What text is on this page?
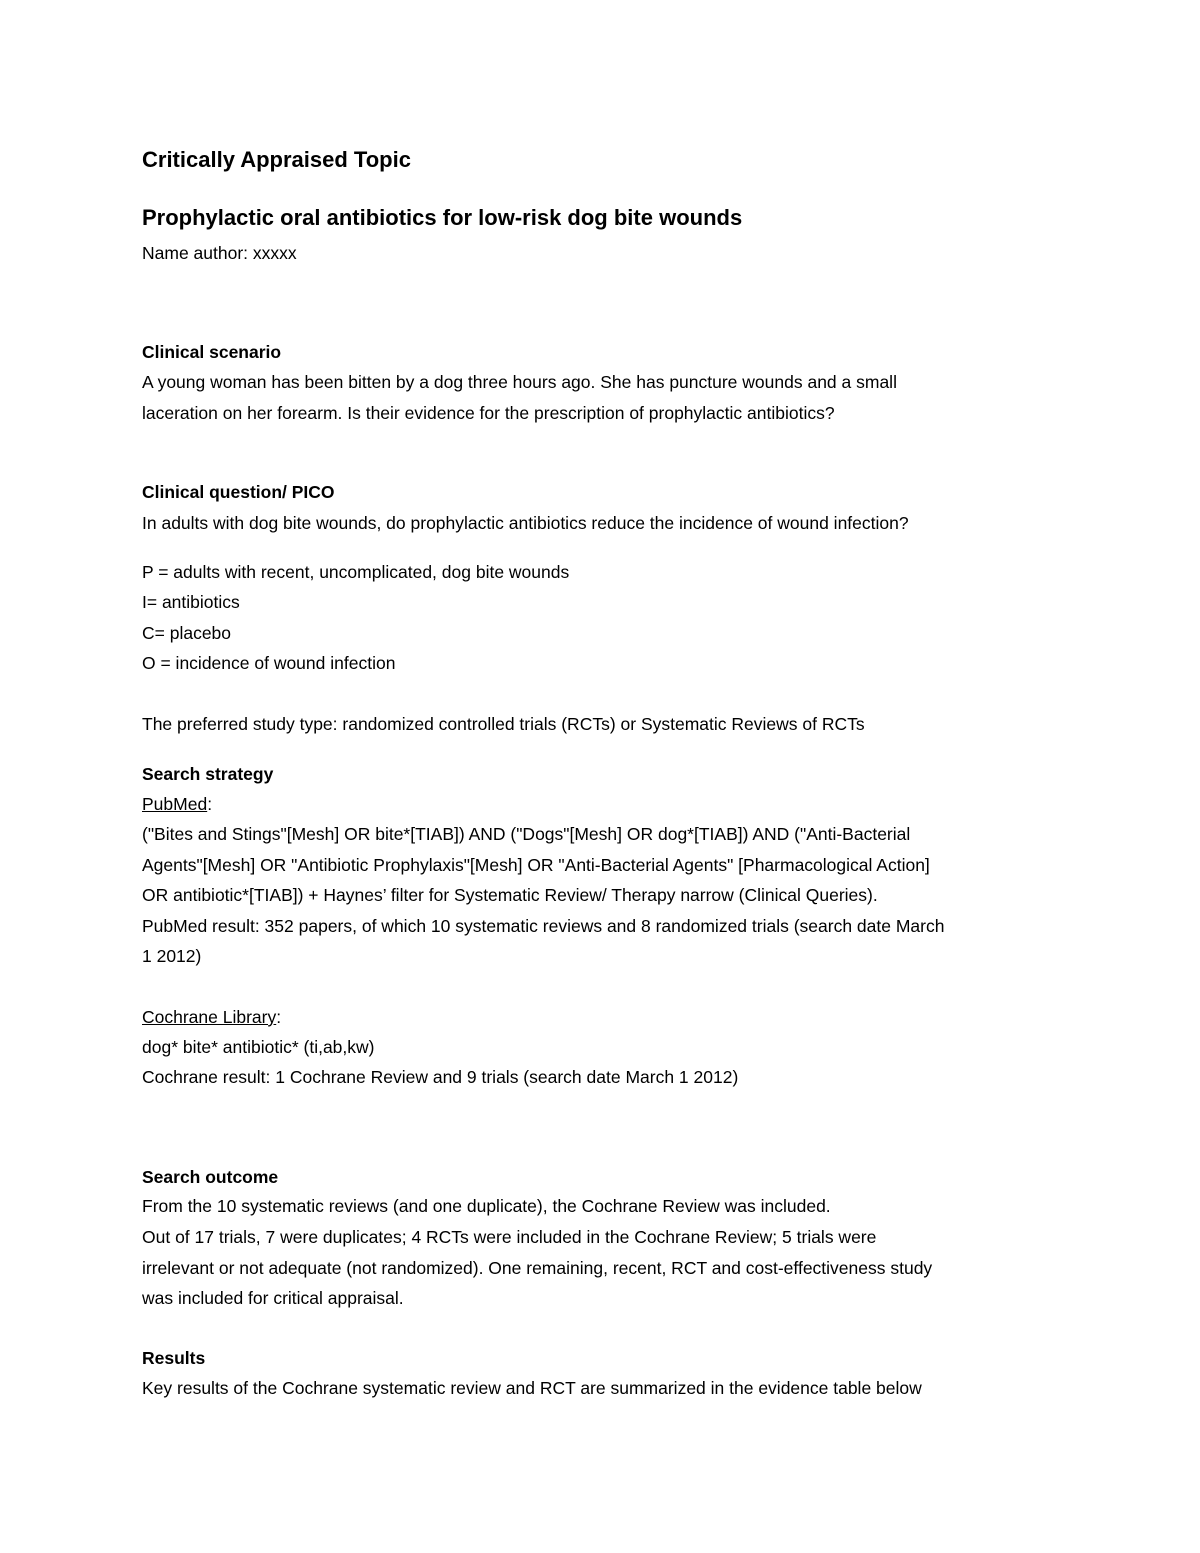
Critically Appraised Topic
Prophylactic oral antibiotics for low-risk dog bite wounds
Name author: xxxxx
Clinical scenario
A young woman has been bitten by a dog three hours ago. She has puncture wounds and a small
laceration on her forearm. Is their evidence for the prescription of prophylactic antibiotics?
Clinical question/ PICO
In adults with dog bite wounds, do prophylactic antibiotics reduce the incidence of wound infection?
P = adults with recent, uncomplicated, dog bite wounds
I= antibiotics
C= placebo
O = incidence of wound infection
The preferred study type: randomized controlled trials (RCTs) or Systematic Reviews of RCTs
Search strategy
PubMed:
("Bites and Stings"[Mesh] OR bite*[TIAB]) AND ("Dogs"[Mesh] OR dog*[TIAB]) AND ("Anti-Bacterial
Agents"[Mesh] OR "Antibiotic Prophylaxis"[Mesh] OR "Anti-Bacterial Agents" [Pharmacological Action]
OR antibiotic*[TIAB]) + Haynes’ filter for Systematic Review/ Therapy narrow (Clinical Queries).
PubMed result: 352 papers, of which 10 systematic reviews and 8 randomized trials (search date March
1 2012)
Cochrane Library:
dog* bite* antibiotic* (ti,ab,kw)
Cochrane result: 1 Cochrane Review and 9 trials (search date March 1 2012)
Search outcome
From the 10 systematic reviews (and one duplicate), the Cochrane Review was included.
Out of 17 trials, 7 were duplicates; 4 RCTs were included in the Cochrane Review; 5 trials were
irrelevant or not adequate (not randomized). One remaining, recent, RCT and cost-effectiveness study
was included for critical appraisal.
Results
Key results of the Cochrane systematic review and RCT are summarized in the evidence table below
